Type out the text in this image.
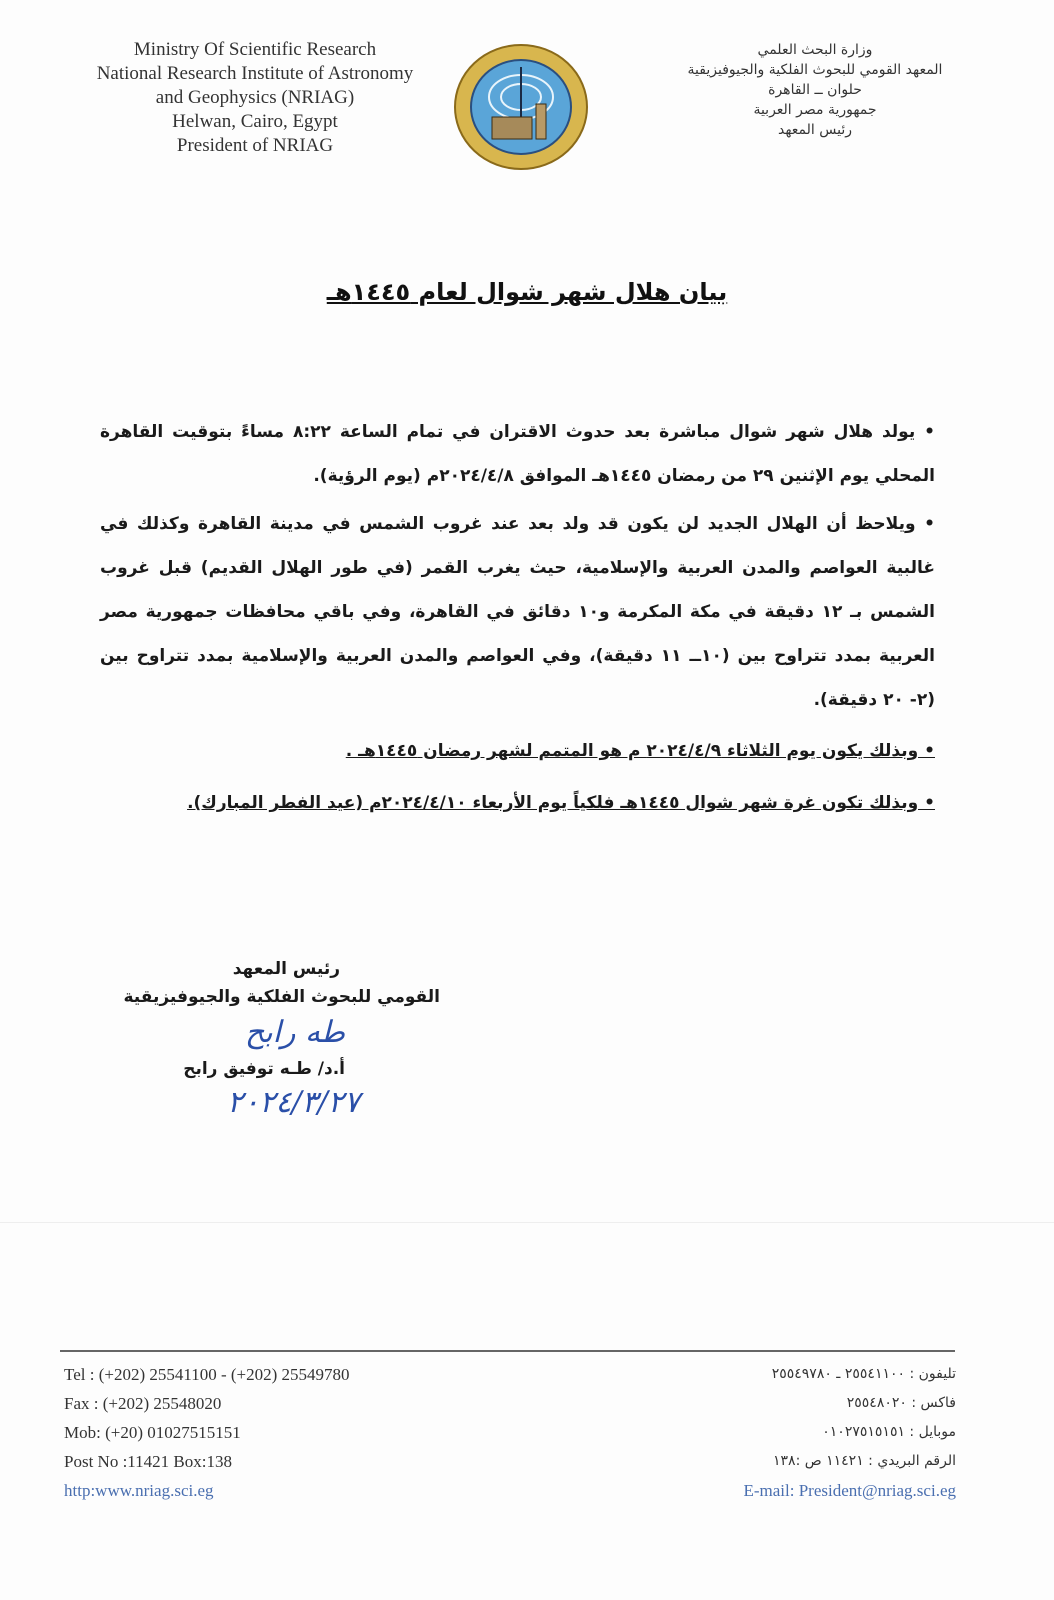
Ministry Of Scientific Research
National Research Institute of Astronomy
and Geophysics (NRIAG)
Helwan, Cairo, Egypt
President of NRIAG
وزارة البحث العلمي
المعهد القومي للبحوث الفلكية والجيوفيزيقية
حلوان ــ القاهرة
جمهورية مصر العربية
رئيس المعهد
بيان هلال شهر شوال لعام ١٤٤٥هـ

• يولد هلال شهر شوال مباشرة بعد حدوث الاقتران في تمام الساعة ٨:٢٢ مساءً بتوقيت القاهرة المحلي يوم الإثنين ٢٩ من رمضان ١٤٤٥هـ الموافق ٢٠٢٤/٤/٨م (يوم الرؤية).

• ويلاحظ أن الهلال الجديد لن يكون قد ولد بعد عند غروب الشمس في مدينة القاهرة وكذلك في غالبية العواصم والمدن العربية والإسلامية، حيث يغرب القمر (في طور الهلال القديم) قبل غروب الشمس بـ ١٢ دقيقة في مكة المكرمة و١٠ دقائق في القاهرة، وفي باقي محافظات جمهورية مصر العربية بمدد تتراوح بين (١٠ــ ١١ دقيقة)، وفي العواصم والمدن العربية والإسلامية بمدد تتراوح بين (٢- ٢٠ دقيقة).

• وبذلك يكون يوم الثلاثاء ٢٠٢٤/٤/٩ م هو المتمم لشهر رمضان ١٤٤٥هـ .

• وبذلك تكون غرة شهر شوال ١٤٤٥هـ فلكياً يوم الأربعاء ٢٠٢٤/٤/١٠م (عيد الفطر المبارك).

رئيس المعهد
القومي للبحوث الفلكية والجيوفيزيقية
طه رابح
أ.د/ طـه توفيق رابح
٢٠٢٤/٣/٢٧
Tel : (+202) 25541100 - (+202) 25549780
Fax : (+202) 25548020
Mob: (+20) 01027515151
Post No :11421 Box:138
http:www.nriag.sci.eg
تليفون : ٢٥٥٤١١٠٠ ـ ٢٥٥٤٩٧٨٠
فاكس : ٢٥٥٤٨٠٢٠
موبايل : ٠١٠٢٧٥١٥١٥١
الرقم البريدي : ١١٤٢١ ص :١٣٨
E-mail: President@nriag.sci.eg
